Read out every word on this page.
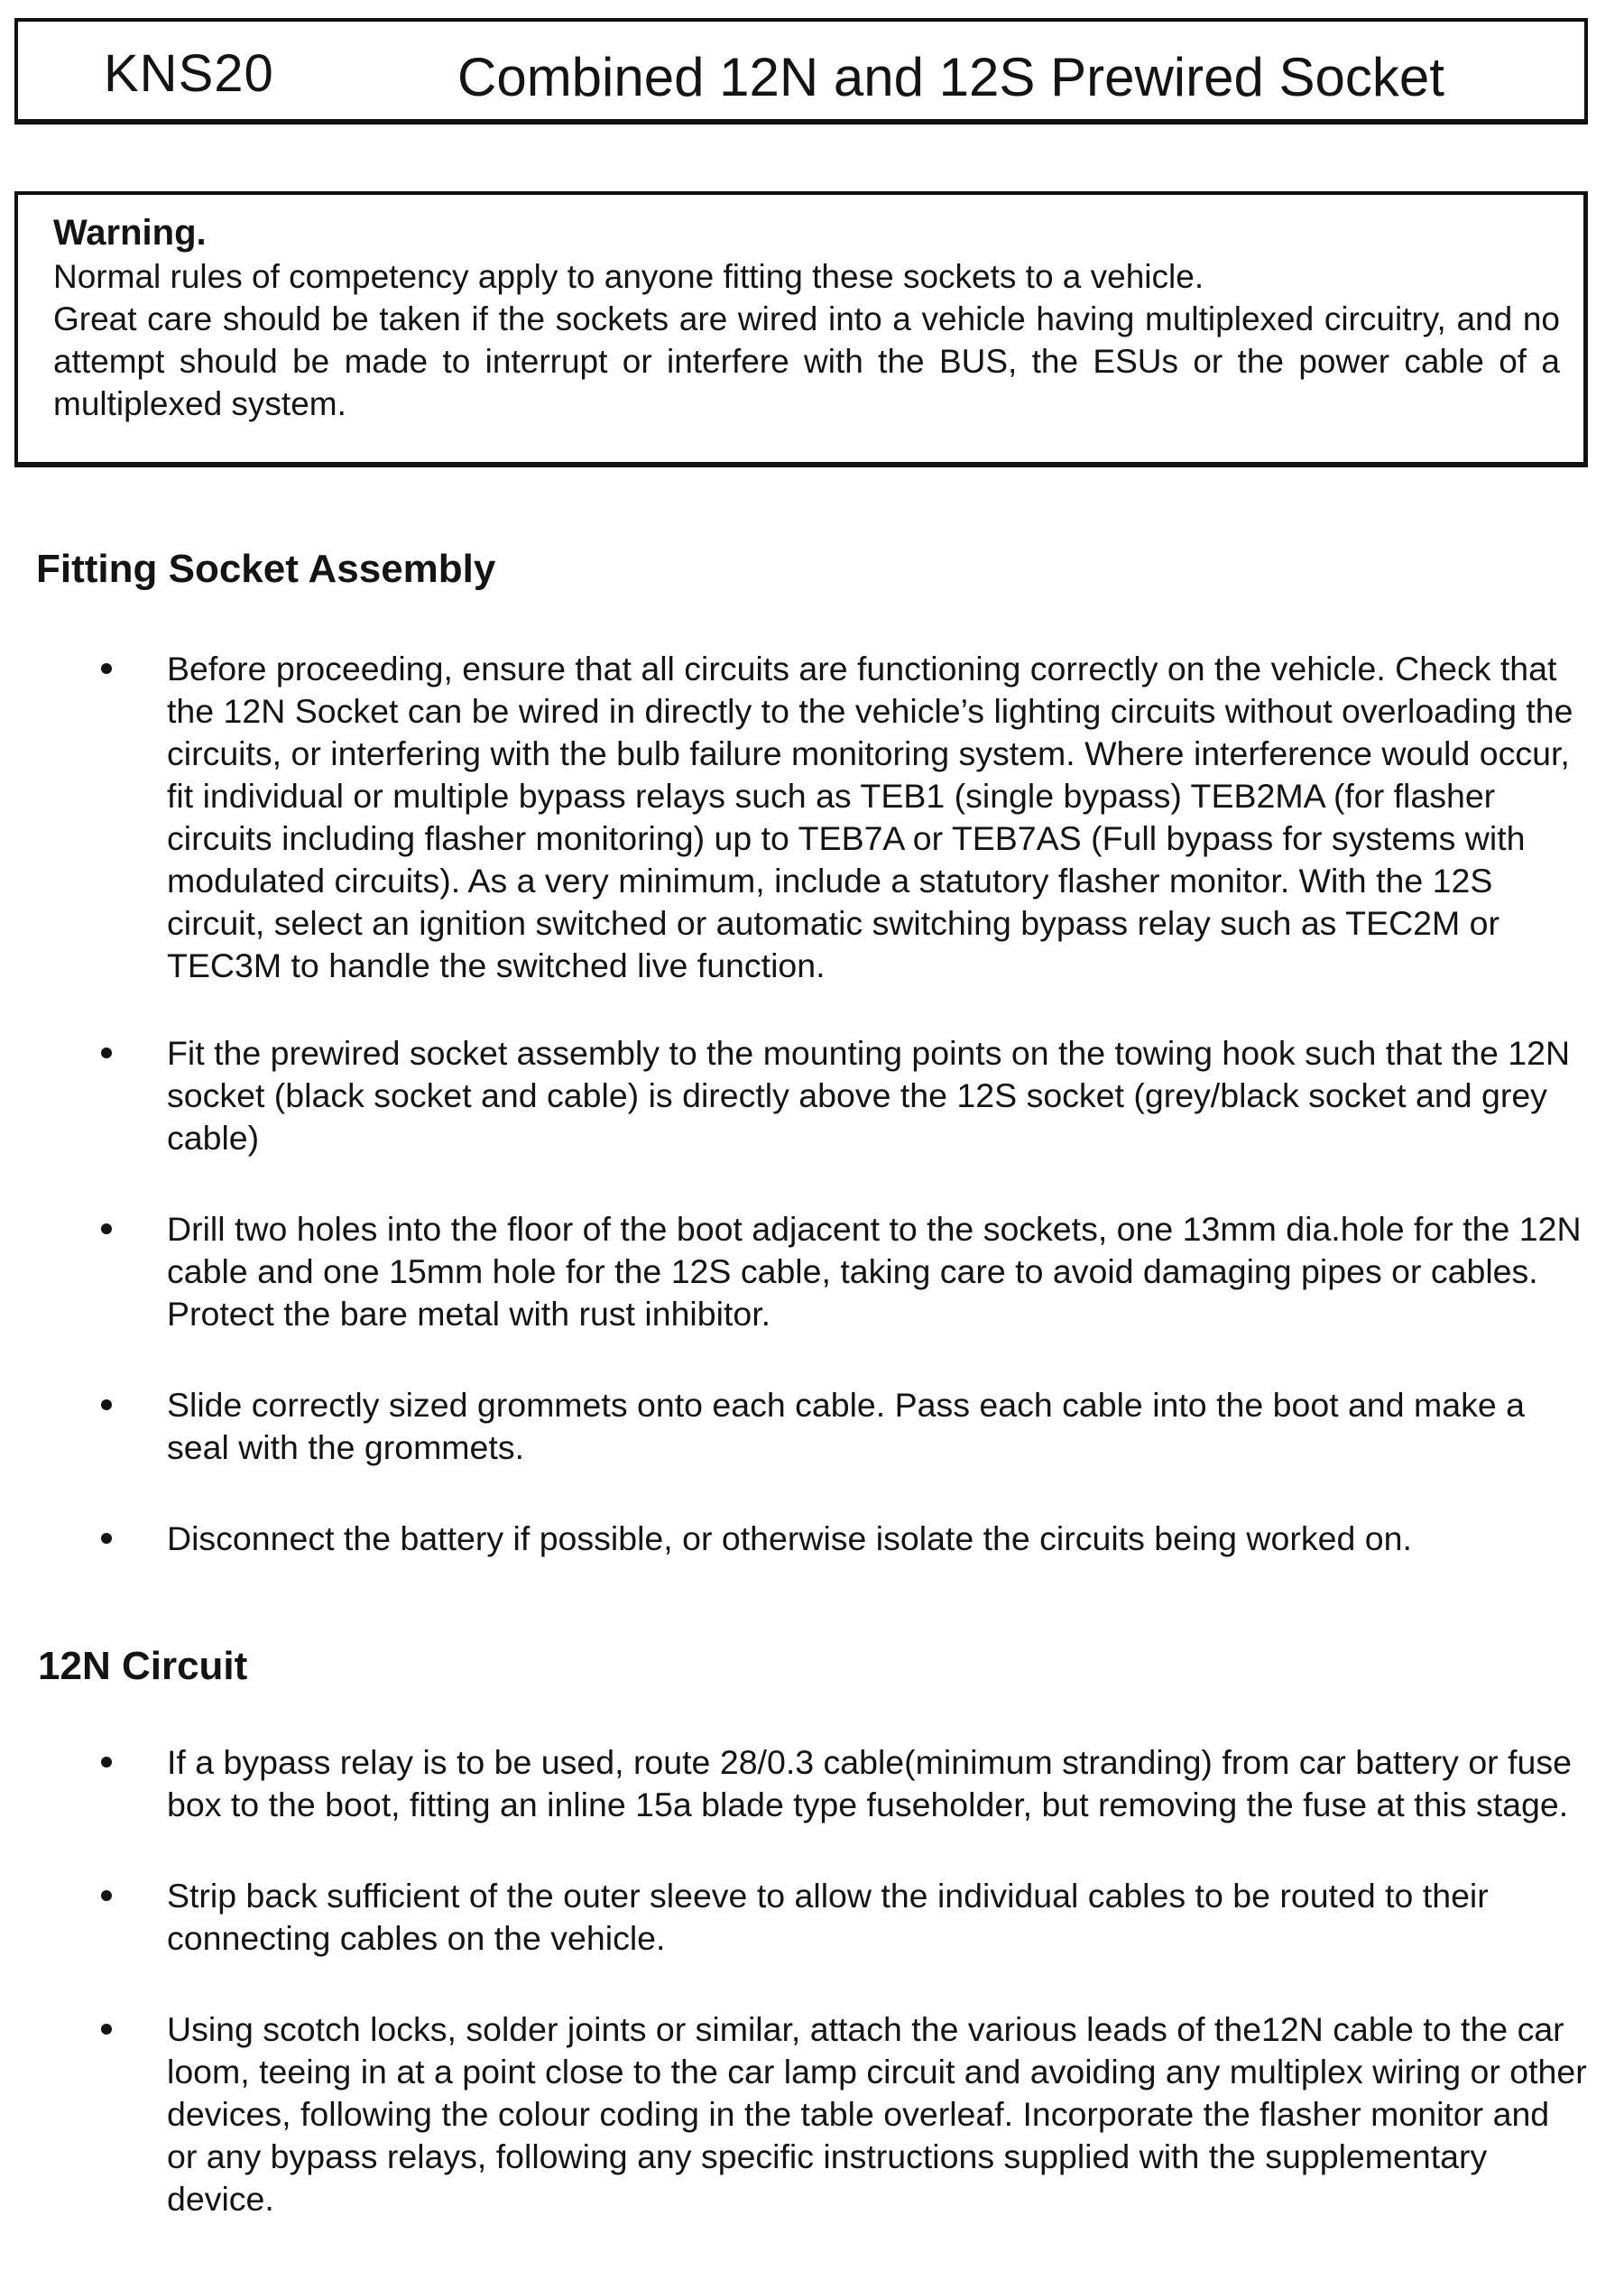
KNS20	Combined 12N and 12S Prewired Socket
Warning.

Normal rules of competency apply to anyone fitting these sockets to a vehicle.

Great care should be taken if the sockets are wired into a vehicle having multiplexed circuitry, and no attempt should be made to interrupt or interfere with the BUS, the ESUs or the power cable of a multiplexed system.

Fitting Socket Assembly
Before proceeding, ensure that all circuits are functioning correctly on the vehicle. Check that the 12N Socket can be wired in directly to the vehicle’s lighting circuits without overloading the circuits, or interfering with the bulb failure monitoring system. Where interference would occur, fit individual or multiple bypass relays such as TEB1 (single bypass) TEB2MA (for flasher circuits including flasher monitoring) up to TEB7A or TEB7AS (Full bypass for systems with modulated circuits). As a very minimum, include a statutory flasher monitor. With the 12S circuit, select an ignition switched or automatic switching bypass relay such as TEC2M or TEC3M to handle the switched live function.
Fit the prewired socket assembly to the mounting points on the towing hook such that the 12N socket (black socket and cable) is directly above the 12S socket (grey/black socket and grey cable)
Drill two holes into the floor of the boot adjacent to the sockets, one 13mm dia.hole for the 12N cable and one 15mm hole for the 12S cable, taking care to avoid damaging pipes or cables. Protect the bare metal with rust inhibitor.
Slide correctly sized grommets onto each cable. Pass each cable into the boot and make a seal with the grommets.
Disconnect the battery if possible, or otherwise isolate the circuits being worked on.
12N Circuit
If a bypass relay is to be used, route 28/0.3 cable(minimum stranding) from car battery or fuse box to the boot, fitting an inline 15a blade type fuseholder, but removing the fuse at this stage.
Strip back sufficient of the outer sleeve to allow the individual cables to be routed to their connecting cables on the vehicle.
Using scotch locks, solder joints or similar, attach the various leads of the12N cable to the car loom, teeing in at a point close to the car lamp circuit and avoiding any multiplex wiring or other devices, following the colour coding in the table overleaf. Incorporate the flasher monitor and or any bypass relays, following any specific instructions supplied with the supplementary device.
